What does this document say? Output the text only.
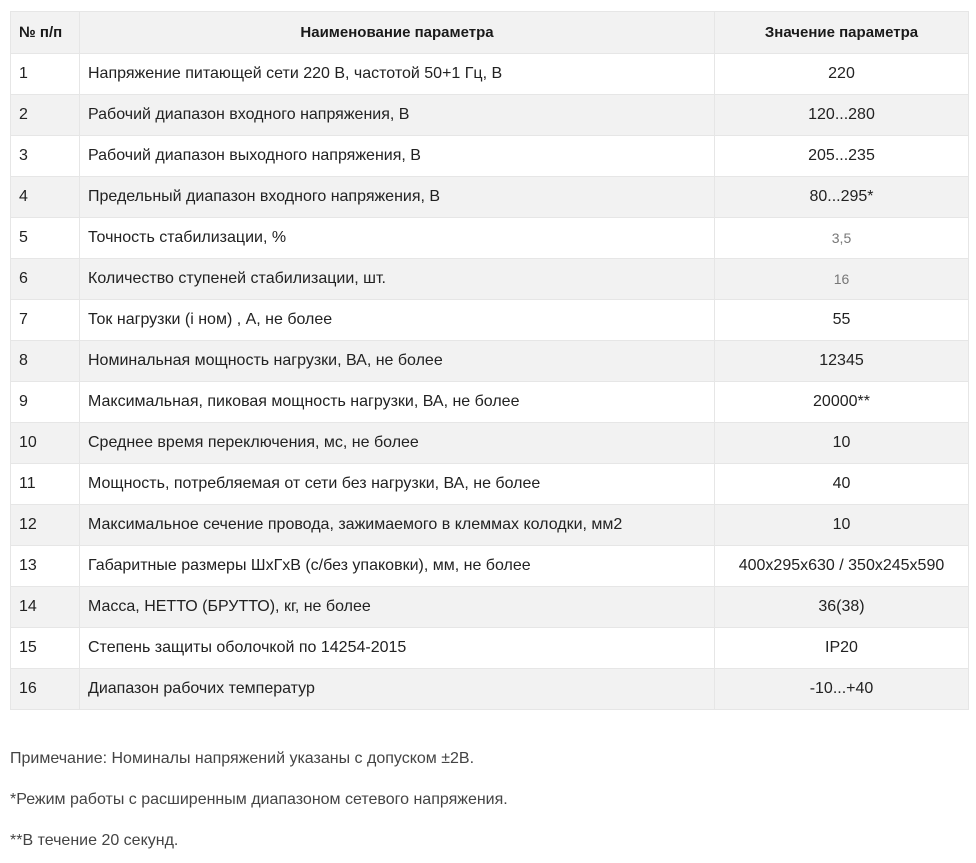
№ п/п	Наименование параметра	Значение параметра
1	Напряжение питающей сети 220 В, частотой 50+1 Гц, В	220
2	Рабочий диапазон входного напряжения, В	120...280
3	Рабочий диапазон выходного напряжения, В	205...235
4	Предельный диапазон входного напряжения, В	80...295*
5	Точность стабилизации, %	3,5
6	Количество ступеней стабилизации, шт.	16
7	Ток нагрузки (i ном) , А, не более	55
8	Номинальная мощность нагрузки, ВА, не более	12345
9	Максимальная, пиковая мощность нагрузки, ВА, не более	20000**
10	Среднее время переключения, мс, не более	10
11	Мощность, потребляемая от сети без нагрузки, ВА, не более	40
12	Максимальное сечение провода, зажимаемого в клеммах колодки, мм2	10
13	Габаритные размеры ШхГхВ (с/без упаковки), мм, не более	400x295x630 / 350x245x590
14	Масса, НЕТТО (БРУТТО), кг, не более	36(38)
15	Степень защиты оболочкой по 14254-2015	IP20
16	Диапазон рабочих температур	-10...+40

Примечание: Номиналы напряжений указаны с допуском ±2В.

*Режим работы с расширенным диапазоном сетевого напряжения.

**В течение 20 секунд.
